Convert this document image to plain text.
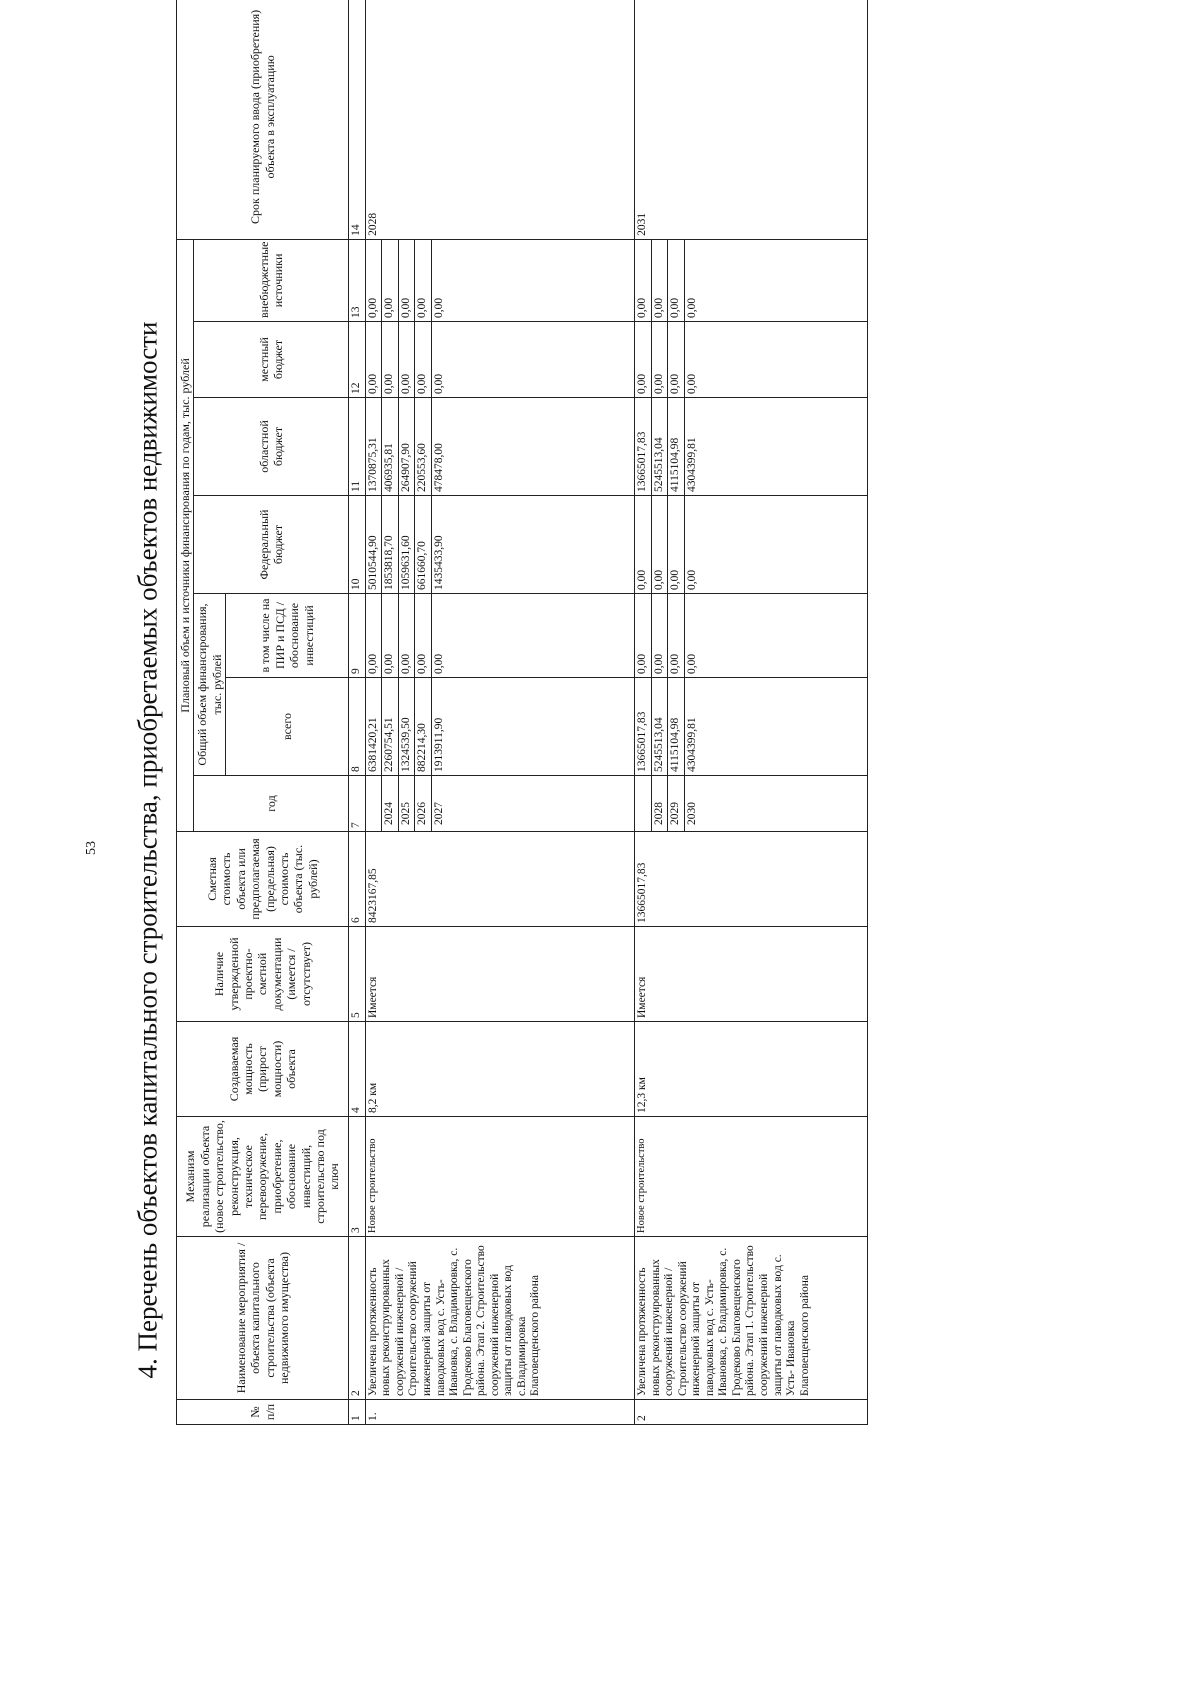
53 4. Перечень объектов капитального строительства, приобретаемых объектов недвижимости
№ п/п	Наименование мероприятия /объекта капитального строительства (объекта недвижимого имущества)	Механизм реализации объекта (новое строительство, реконструкция, техническое перевооружение, приобретение, обоснование инвестиций, строительство под ключ	Создаваемая мощность (прирост мощности) объекта	Наличие утвержденной проектно-сметной документации (имеется / отсутствует)	Сметная стоимость объекта или предполагаемая (предельная) стоимость объекта (тыс. рублей)	Плановый объем и источники финансирования по годам, тыс. рублей							Срок планируемого ввода (приобретения) объекта в эксплуатацию
						год	Общий объем финансирования, тыс. рублей		Федеральный бюджет	областной бюджет	местный бюджет	внебюджетные источники	
							всего	в том числе на ПИР и ПСД / обоснование инвестиций					
1	2	3	4	5	6	7	8	9	10	11	12	13	14
1.	Увеличена протяженность новых реконструированных сооружений инженерной / Строительство сооружений инженерной защиты от паводковых вод с. Усть-Ивановка, с. Владимировка, с. Гродеково Благовещенского района. Этап 2. Строительство сооружений инженерной защиты от паводковых вод с.Владимировка Благовещенского района	Новое строительство	8,2 км	Имеется	8423167,85		6381420,21	0,00	5010544,90	1370875,31	0,00	0,00	2028
						2024	2260754,51	0,00	1853818,70	406935,81	0,00	0,00	
						2025	1324539,50	0,00	1059631,60	264907,90	0,00	0,00	
						2026	882214,30	0,00	661660,70	220553,60	0,00	0,00	
						2027	1913911,90	0,00	1435433,90	478478,00	0,00	0,00	
2	Увеличена протяженность новых реконструированных сооружений инженерной / Строительство сооружений инженерной защиты от паводковых вод с. Усть-Ивановка, с. Владимировка, с. Гродеково Благовещенского района. Этап 1. Строительство сооружений инженерной защиты от паводковых вод с. Усть- Ивановка Благовещенского района	Новое строительство	12,3 км	Имеется	13665017,83		13665017,83	0,00	0,00	13665017,83	0,00	0,00	2031
						2028	5245513,04	0,00	0,00	5245513,04	0,00	0,00	
						2029	4115104,98	0,00	0,00	4115104,98	0,00	0,00	
						2030	4304399,81	0,00	0,00	4304399,81	0,00	0,00	
